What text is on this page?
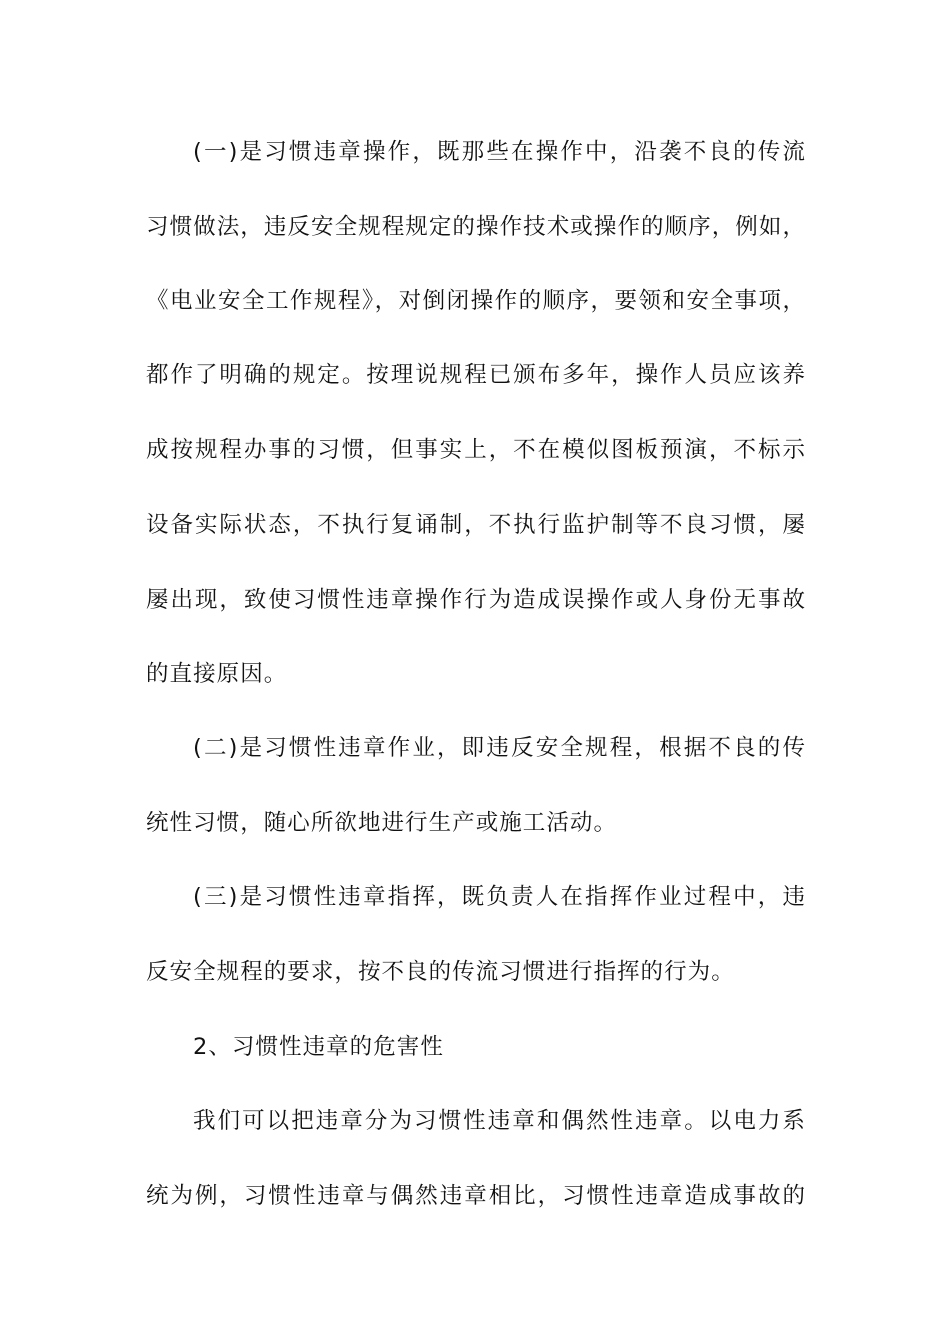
(一)是习惯违章操作，既那些在操作中，沿袭不良的传流
习惯做法，违反安全规程规定的操作技术或操作的顺序，例如，
《电业安全工作规程》，对倒闭操作的顺序，要领和安全事项，
都作了明确的规定。按理说规程已颁布多年，操作人员应该养
成按规程办事的习惯，但事实上，不在模似图板预演，不标示
设备实际状态，不执行复诵制，不执行监护制等不良习惯，屡
屡出现，致使习惯性违章操作行为造成误操作或人身份无事故
的直接原因。
(二)是习惯性违章作业，即违反安全规程，根据不良的传
统性习惯，随心所欲地进行生产或施工活动。
(三)是习惯性违章指挥，既负责人在指挥作业过程中，违
反安全规程的要求，按不良的传流习惯进行指挥的行为。
2、习惯性违章的危害性
我们可以把违章分为习惯性违章和偶然性违章。以电力系
统为例，习惯性违章与偶然违章相比，习惯性违章造成事故的
